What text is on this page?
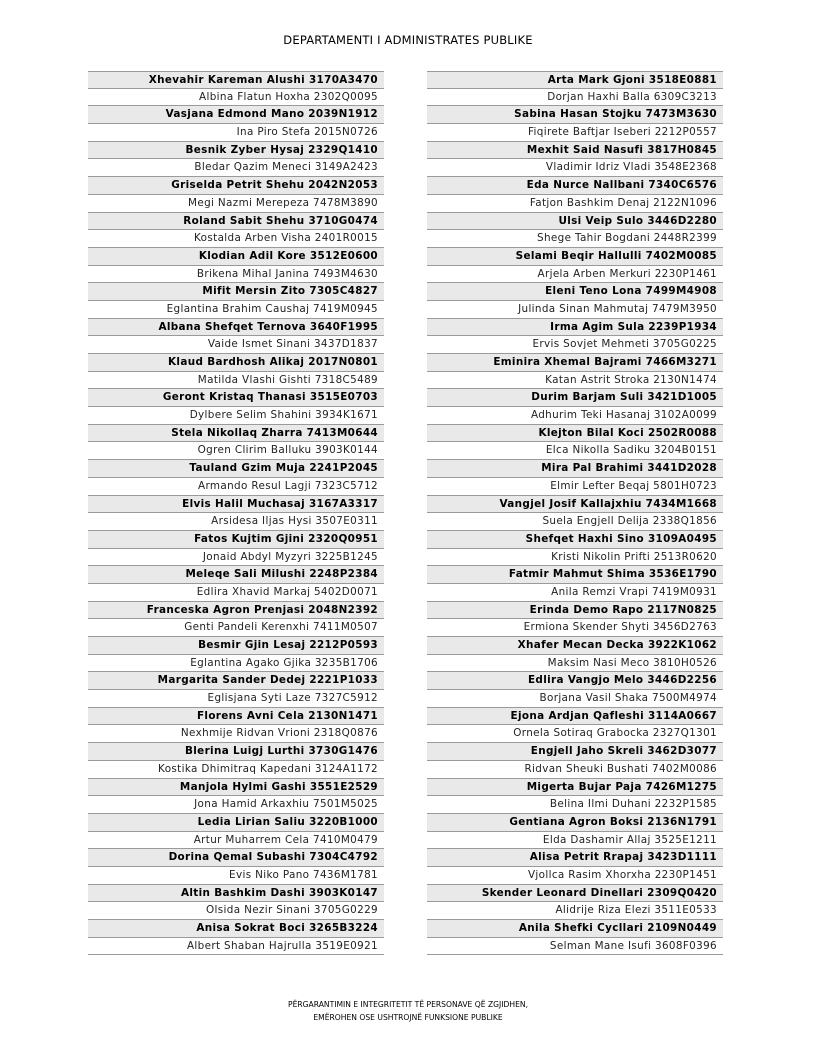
DEPARTAMENTI I ADMINISTRATES PUBLIKE
Xhevahir Kareman Alushi 3170A3470
Albina Flatun Hoxha 2302Q0095
Vasjana Edmond Mano 2039N1912
Ina Piro Stefa 2015N0726
Besnik Zyber Hysaj 2329Q1410
Bledar Qazim Meneci 3149A2423
Griselda Petrit Shehu 2042N2053
Megi Nazmi Merepeza 7478M3890
Roland Sabit Shehu 3710G0474
Kostalda Arben Visha 2401R0015
Klodian Adil Kore 3512E0600
Brikena Mihal Janina 7493M4630
Mifit Mersin Zito 7305C4827
Eglantina Brahim Caushaj 7419M0945
Albana Shefqet Ternova 3640F1995
Vaide Ismet Sinani 3437D1837
Klaud Bardhosh Alikaj 2017N0801
Matilda Vlashi Gishti 7318C5489
Geront Kristaq Thanasi 3515E0703
Dylbere Selim Shahini 3934K1671
Stela Nikollaq Zharra 7413M0644
Ogren Clirim Balluku 3903K0144
Tauland Gzim Muja 2241P2045
Armando Resul Lagji 7323C5712
Elvis Halil Muchasaj 3167A3317
Arsidesa Iljas Hysi 3507E0311
Fatos Kujtim Gjini 2320Q0951
Jonaid Abdyl Myzyri 3225B1245
Meleqe Sali Milushi 2248P2384
Edlira Xhavid Markaj 5402D0071
Franceska Agron Prenjasi 2048N2392
Genti Pandeli Kerenxhi 7411M0507
Besmir Gjin Lesaj 2212P0593
Eglantina Agako Gjika 3235B1706
Margarita Sander Dedej 2221P1033
Eglisjana Syti Laze 7327C5912
Florens Avni Cela 2130N1471
Nexhmije Ridvan Vrioni 2318Q0876
Blerina Luigj Lurthi 3730G1476
Kostika Dhimitraq Kapedani 3124A1172
Manjola Hylmi Gashi 3551E2529
Jona Hamid Arkaxhiu 7501M5025
Ledia Lirian Saliu 3220B1000
Artur Muharrem Cela 7410M0479
Dorina Qemal Subashi 7304C4792
Evis Niko Pano 7436M1781
Altin Bashkim Dashi 3903K0147
Olsida Nezir Sinani 3705G0229
Anisa Sokrat Boci 3265B3224
Albert Shaban Hajrulla 3519E0921
Arta Mark Gjoni 3518E0881
Dorjan Haxhi Balla 6309C3213
Sabina Hasan Stojku 7473M3630
Fiqirete Baftjar Iseberi 2212P0557
Mexhit Said Nasufi 3817H0845
Vladimir Idriz Vladi 3548E2368
Eda Nurce Nallbani 7340C6576
Fatjon Bashkim Denaj 2122N1096
Ulsi Veip Sulo 3446D2280
Shege Tahir Bogdani 2448R2399
Selami Beqir Hallulli 7402M0085
Arjela Arben Merkuri 2230P1461
Eleni Teno Lona 7499M4908
Julinda Sinan Mahmutaj 7479M3950
Irma Agim Sula 2239P1934
Ervis Sovjet Mehmeti 3705G0225
Eminira Xhemal Bajrami 7466M3271
Katan Astrit Stroka 2130N1474
Durim Barjam Suli 3421D1005
Adhurim Teki Hasanaj 3102A0099
Klejton Bilal Koci 2502R0088
Elca Nikolla Sadiku 3204B0151
Mira Pal Brahimi 3441D2028
Elmir Lefter Beqaj 5801H0723
Vangjel Josif Kallajxhiu 7434M1668
Suela Engjell Delija 2338Q1856
Shefqet Haxhi Sino 3109A0495
Kristi Nikolin Prifti 2513R0620
Fatmir Mahmut Shima 3536E1790
Anila Remzi Vrapi 7419M0931
Erinda Demo Rapo 2117N0825
Ermiona Skender Shyti 3456D2763
Xhafer Mecan Decka 3922K1062
Maksim Nasi Meco 3810H0526
Edlira Vangjo Melo 3446D2256
Borjana Vasil Shaka 7500M4974
Ejona Ardjan Qafleshi 3114A0667
Ornela Sotiraq Grabocka 2327Q1301
Engjell Jaho Skreli 3462D3077
Ridvan Sheuki Bushati 7402M0086
Migerta Bujar Paja 7426M1275
Belina Ilmi Duhani 2232P1585
Gentiana Agron Boksi 2136N1791
Elda Dashamir Allaj 3525E1211
Alisa Petrit Rrapaj 3423D1111
Vjollca Rasim Xhorxha 2230P1451
Skender Leonard Dinellari 2309Q0420
Alidrije Riza Elezi 3511E0533
Anila Shefki Cycllari 2109N0449
Selman Mane Isufi 3608F0396
PËRGARANTIMIN E INTEGRITETIT TË PERSONAVE QË ZGJIDHEN,
EMËROHEN OSE USHTROJNË FUNKSIONE PUBLIKE
